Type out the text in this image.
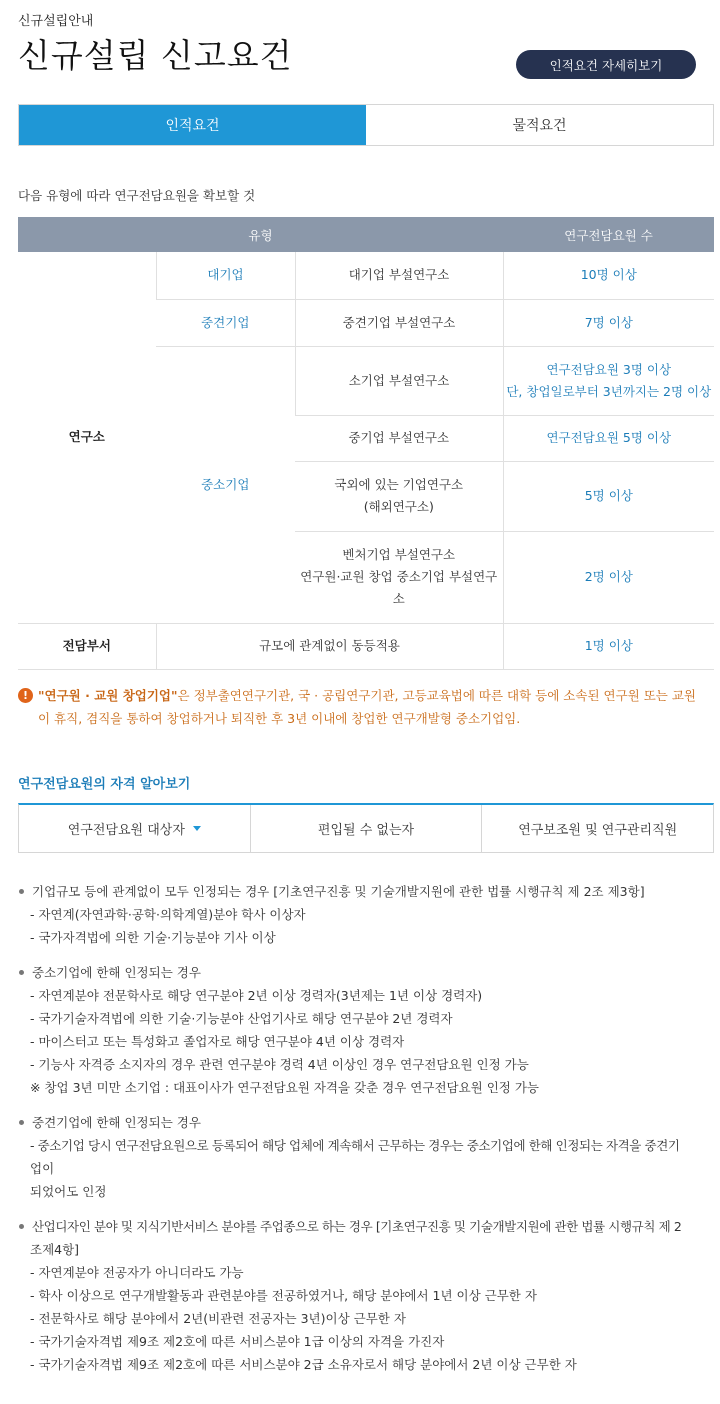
신규설립안내
신규설립 신고요건	인적요건 자세히보기
인적요건	물적요건

다음 유형에 따라 연구전담요원을 확보할 것

유형			연구전담요원 수
연구소	대기업	대기업 부설연구소	10명 이상
	중견기업	중견기업 부설연구소	7명 이상
	중소기업	소기업 부설연구소	연구전담요원 3명 이상
단, 창업일로부터 3년까지는 2명 이상

		중기업 부설연구소	연구전담요원 5명 이상

		국외에 있는 기업연구소
(해외연구소)	5명 이상

		벤처기업 부설연구소
연구원·교원 창업 중소기업 부설연구
소	2명 이상
전담부서	규모에 관계없이 동등적용		1명 이상
! "연구원 · 교원 창업기업"은 정부출연연구기관, 국 · 공립연구기관, 고등교육법에 따른 대학 등에 소속된 연구원 또는 교원
이 휴직, 겸직을 통하여 창업하거나 퇴직한 후 3년 이내에 창업한 연구개발형 중소기업임.
연구전담요원의 자격 알아보기
연구전담요원 대상자	편입될 수 없는자	연구보조원 및 연구관리직원
기업규모 등에 관계없이 모두 인정되는 경우 [기초연구진흥 및 기술개발지원에 관한 법률 시행규칙 제 2조 제3항]
- 자연계(자연과학·공학·의학계열)분야 학사 이상자
- 국가자격법에 의한 기술·기능분야 기사 이상
중소기업에 한해 인정되는 경우
- 자연계분야 전문학사로 해당 연구분야 2년 이상 경력자(3년제는 1년 이상 경력자)
- 국가기술자격법에 의한 기술·기능분야 산업기사로 해당 연구분야 2년 경력자
- 마이스터고 또는 특성화고 졸업자로 해당 연구분야 4년 이상 경력자
- 기능사 자격증 소지자의 경우 관련 연구분야 경력 4년 이상인 경우 연구전담요원 인정 가능
※ 창업 3년 미만 소기업 : 대표이사가 연구전담요원 자격을 갖춘 경우 연구전담요원 인정 가능
중견기업에 한해 인정되는 경우
- 중소기업 당시 연구전담요원으로 등록되어 해당 업체에 계속해서 근무하는 경우는 중소기업에 한해 인정되는 자격을 중견기
업이
되었어도 인정
산업디자인 분야 및 지식기반서비스 분야를 주업종으로 하는 경우 [기초연구진흥 및 기술개발지원에 관한 법률 시행규칙 제 2
조제4항]
- 자연계분야 전공자가 아니더라도 가능
- 학사 이상으로 연구개발활동과 관련분야를 전공하였거나, 해당 분야에서 1년 이상 근무한 자
- 전문학사로 해당 분야에서 2년(비관련 전공자는 3년)이상 근무한 자
- 국가기술자격법 제9조 제2호에 따른 서비스분야 1급 이상의 자격을 가진자
- 국가기술자격법 제9조 제2호에 따른 서비스분야 2급 소유자로서 해당 분야에서 2년 이상 근무한 자
